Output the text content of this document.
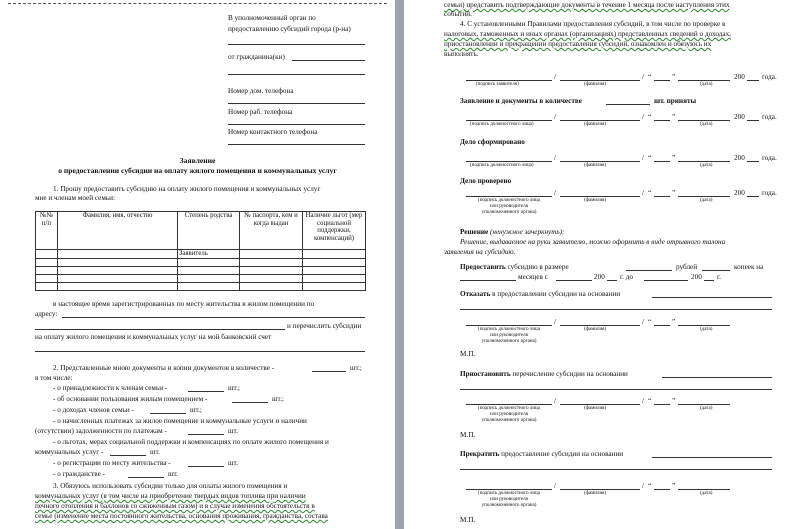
В уполномоченный орган по
предоставлению субсидий города (р-на)
от гражданина(ки)
Номер дом. телефона
Номер раб. телефона
Номер контактного телефона
Заявление
о предоставлении субсидии на оплату жилого помещения и коммунальных услуг
1. Прошу предоставить субсидию на оплату жилого помещения и коммунальных услуг
мне и членам моей семьи:
№№ п/п	Фамилия, имя, отчество	Степень родства	№ паспорта, кем и когда выдан	Наличие льгот (мер социальной поддержки, компенсаций)
		Заявитель		

в настоящее время зарегистрированных по месту жительства в жилом помещении по
адресу:
и перечислить субсидии
на оплату жилого помещения и коммунальных услуг на мой банковский счет
2. Представленные мною документы и копии документов в количестве -	шт.;
в том числе:
- о принадлежности к членам семьи -	шт.;
- об основании пользования жилым помещением -	шт.;
- о доходах членов семьи -	шт.;
- о начисленных платежах за жилое помещение и коммунальные услуги и наличии
(отсутствии) задолженности по платежам -	шт.
- о льготах, мерах социальной поддержки и компенсациях по оплате жилого помещения и
коммунальных услуг -	шт.
- о регистрации по месту жительства -	шт.
- о гражданстве -	шт.
3. Обязуюсь использовать субсидии только для оплаты жилого помещения и
коммунальных услуг (в том числе на приобретение твердых видов топлива при наличии
печного отопления и баллонов со сжиженным газом) и в случае изменения обстоятельств в
семье (изменение места постоянного жительства, основания проживания, гражданства, состава
семьи) представить подтверждающие документы в течение 1 месяца после наступления этих
событий.
4. С установленными Правилами предоставления субсидий, в том числе по проверке в
налоговых, таможенных и иных органах (организациях) представленных сведений о доходах,
приостановлении и прекращении предоставления субсидий, ознакомлен и обязуюсь их
выполнять.
/	/ “	”	200 года.
(подпись заявителя)	(фамилия)	(дата)
Заявление и документы в количестве	шт. приняты
/	/ “	”	200 года.
(подпись должностного лица)	(фамилия)	(дата)
Дело сформировано
/	/ “	”	200 года.
(подпись должностного лица)	(фамилия)	(дата)
Дело проверено
/	/ “	”	200 года.
(подпись должностного лица
или руководителя
уполномоченного органа)
(фамилия)	(дата)
Решение (ненужное зачеркнуть):
Решение, выдаваемое на руки заявителю, можно оформить в виде отрывного талона
заявления на субсидию.
Предоставить субсидию в размере	рублей	копеек на
месяцев с	200 г. до	200 г.
Отказать в предоставлении субсидии на основании
/	/ “	”
(подпись должностного лица
или руководителя
уполномоченного органа)
(фамилия)	(дата)
М.П.
Приостановить перечисление субсидии на основании
/	/ “	”
(подпись должностного лица
или руководителя
уполномоченного органа)
(фамилия)	(дата)
М.П.
Прекратить предоставление субсидии на основании
/	/ “	”
(подпись должностного лица
или руководителя
уполномоченного органа)
(фамилия)	(дата)
М.П.
